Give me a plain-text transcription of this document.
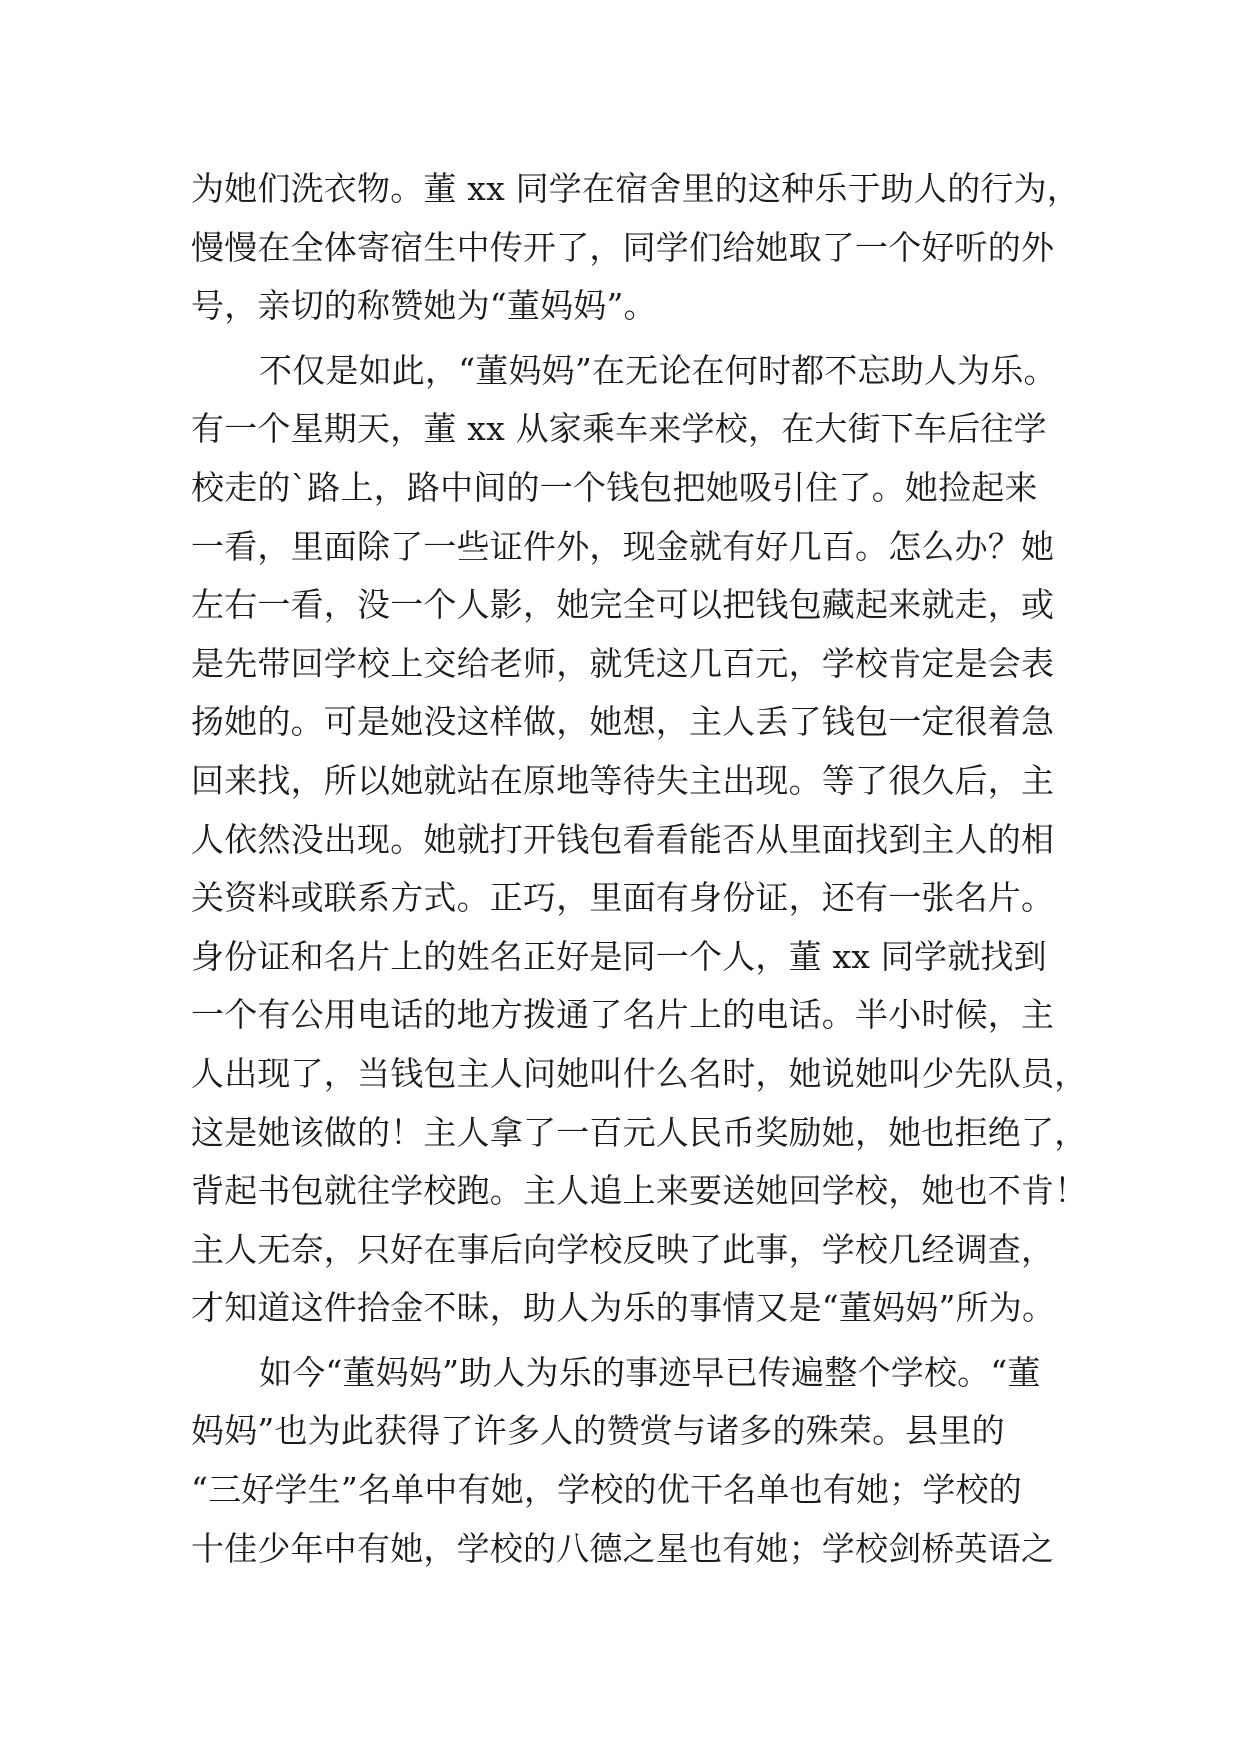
为她们洗衣物。董 xx 同学在宿舍里的这种乐于助人的行为，
慢慢在全体寄宿生中传开了，同学们给她取了一个好听的外
号，亲切的称赞她为“董妈妈”。
不仅是如此，“董妈妈”在无论在何时都不忘助人为乐。
有一个星期天，董 xx 从家乘车来学校，在大街下车后往学
校走的`路上，路中间的一个钱包把她吸引住了。她捡起来
一看，里面除了一些证件外，现金就有好几百。怎么办？她
左右一看，没一个人影，她完全可以把钱包藏起来就走，或
是先带回学校上交给老师，就凭这几百元，学校肯定是会表
扬她的。可是她没这样做，她想，主人丢了钱包一定很着急
回来找，所以她就站在原地等待失主出现。等了很久后，主
人依然没出现。她就打开钱包看看能否从里面找到主人的相
关资料或联系方式。正巧，里面有身份证，还有一张名片。
身份证和名片上的姓名正好是同一个人，董 xx 同学就找到
一个有公用电话的地方拨通了名片上的电话。半小时候，主
人出现了，当钱包主人问她叫什么名时，她说她叫少先队员，
这是她该做的！主人拿了一百元人民币奖励她，她也拒绝了，
背起书包就往学校跑。主人追上来要送她回学校，她也不肯！
主人无奈，只好在事后向学校反映了此事，学校几经调查，
才知道这件拾金不昧，助人为乐的事情又是“董妈妈”所为。
如今“董妈妈”助人为乐的事迹早已传遍整个学校。“董
妈妈”也为此获得了许多人的赞赏与诸多的殊荣。县里的
“三好学生”名单中有她，学校的优干名单也有她；学校的
十佳少年中有她，学校的八德之星也有她；学校剑桥英语之
